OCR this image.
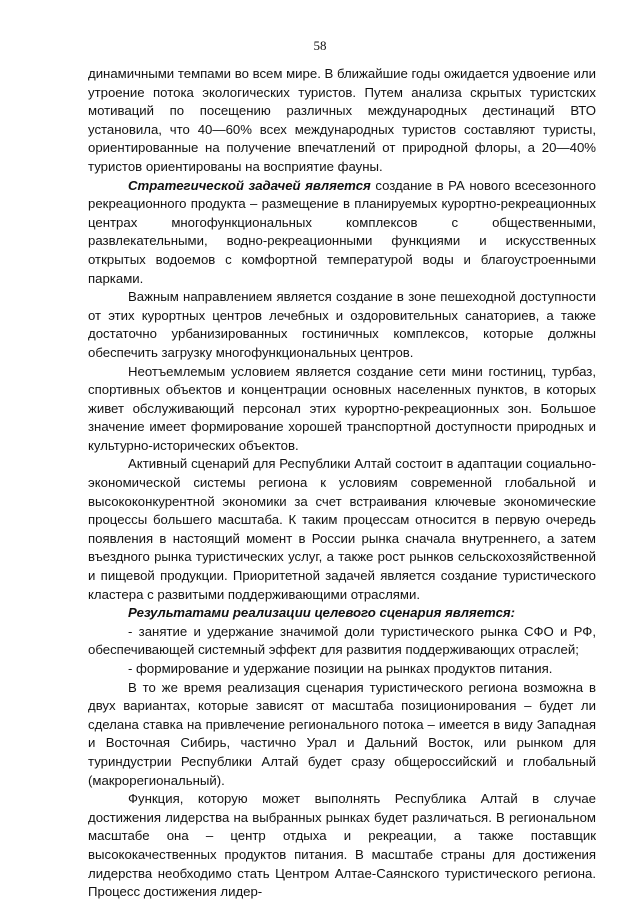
58

динамичными темпами во всем мире. В ближайшие годы ожидается удвоение или утроение потока экологических туристов. Путем анализа скрытых туристских мотиваций по посещению различных международных дестинаций ВТО установила, что 40—60% всех международных туристов составляют туристы, ориентированные на получение впечатлений от природной флоры, а 20—40% туристов ориентированы на восприятие фауны.

Стратегической задачей является создание в РА нового всесезонного рекреационного продукта – размещение в планируемых курортно-рекреационных центрах многофункциональных комплексов с общественными, развлекательными, водно-рекреационными функциями и искусственных открытых водоемов с комфортной температурой воды и благоустроенными парками.

Важным направлением является создание в зоне пешеходной доступности от этих курортных центров лечебных и оздоровительных санаториев, а также достаточно урбанизированных гостиничных комплексов, которые должны обеспечить загрузку многофункциональных центров.

Неотъемлемым условием является создание сети мини гостиниц, турбаз, спортивных объектов и концентрации основных населенных пунктов, в которых живет обслуживающий персонал этих курортно-рекреационных зон. Большое значение имеет формирование хорошей транспортной доступности природных и культурно-исторических объектов.

Активный сценарий для Республики Алтай состоит в адаптации социально-экономической системы региона к условиям современной глобальной и высококонкурентной экономики за счет встраивания ключевые экономические процессы большего масштаба. К таким процессам относится в первую очередь появления в настоящий момент в России рынка сначала внутреннего, а затем въездного рынка туристических услуг, а также рост рынков сельскохозяйственной и пищевой продукции. Приоритетной задачей является создание туристического кластера с развитыми поддерживающими отраслями.

Результатами реализации целевого сценария является:

- занятие и удержание значимой доли туристического рынка СФО и РФ, обеспечивающей системный эффект для развития поддерживающих отраслей;

- формирование и удержание позиции на рынках продуктов питания.

В то же время реализация сценария туристического региона возможна в двух вариантах, которые зависят от масштаба позиционирования – будет ли сделана ставка на привлечение регионального потока – имеется в виду Западная и Восточная Сибирь, частично Урал и Дальний Восток, или рынком для туриндустрии Республики Алтай будет сразу общероссийский и глобальный (макрорегиональный).

Функция, которую может выполнять Республика Алтай в случае достижения лидерства на выбранных рынках будет различаться. В региональном масштабе она – центр отдыха и рекреации, а также поставщик высококачественных продуктов питания. В масштабе страны для достижения лидерства необходимо стать Центром Алтае-Саянского туристического региона. Процесс достижения лидер-
